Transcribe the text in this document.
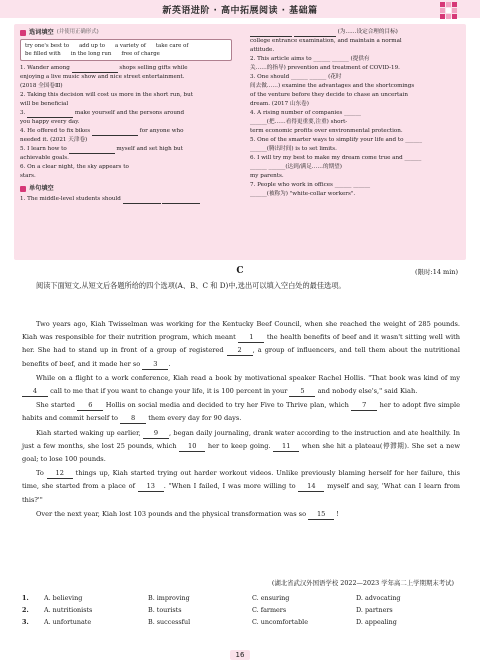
新英语进阶 · 高中拓展阅读 · 基础篇
选词填空 (并使用正确形式)
try one's best to add up to a variety of take care of
be filled with in the long run free of charge
1. Wander among	shops selling gifts while
enjoying a live music show and nice street entertainment.
(2018 全国卷Ⅲ)
2. Taking this decision will cost us more in the short run, but
will be beneficial
3.	make yourself and the persons around
you happy every day.
4. He offered to fix bikes	for anyone who
needed it. (2021 天津卷)
5. I learn how to	myself and set high but
achievable goals.
6. On a clear night, the sky appears to
stars.
单句填空
1. The middle-level students should
(为……设定合理的目标)
college entrance examination, and maintain a normal
attitude.
2. This article aims to ______ ______ (提供有
关……的指导) prevention and treatment of COVID-19.
3. One should ______ ______ (花时
间去做……) examine the advantages and the shortcomings
of the venture before they decide to chase an uncertain
dream. (2017 山东卷)
4. A rising number of companies ______
______(把……看得更重要,注重) short-
term economic profits over environmental protection.
5. One of the smarter ways to simplify your life and to ______
______(腾出时间) is to set limits.
6. I will try my best to make my dream come true and ______
______ ______(达到/满足……的期望)
my parents.
7. People who work in offices ______ ______
______(被称为) "white-collar workers".
C	(限时:14 min)
阅读下面短文,从短文后各题所给的四个选项(A、B、C 和 D)中,选出可以填入空白处的最佳选项。

Two years ago, Kiah Twisselman was working for the Kentucky Beef Council, when she reached the weight of 285 pounds. Kiah was responsible for their nutrition program, which meant 1 the health benefits of beef and it wasn't sitting well with her. She had to stand up in front of a group of registered 2 , a group of influencers, and tell them about the nutritional benefits of beef, and it made her so 3 .

While on a flight to a work conference, Kiah read a book by motivational speaker Rachel Hollis. "That book was kind of my 4 call to me that if you want to change your life, it is 100 percent in your 5 and nobody else's," said Kiah.

She started 6 Hollis on social media and decided to try her Five to Thrive plan, which 7 her to adopt five simple habits and commit herself to 8 them every day for 90 days.

Kiah started waking up earlier, 9 , began daily journaling, drank water according to the instruction and ate healthily. In just a few months, she lost 25 pounds, which 10 her to keep going. 11 when she hit a plateau(停滞期). She set a new goal; to lose 100 pounds.

To 12 things up, Kiah started trying out harder workout videos. Unlike previously blaming herself for her failure, this time, she started from a place of 13 . "When I failed, I was more willing to 14 myself and say, 'What can I learn from this?'"

Over the next year, Kiah lost 103 pounds and the physical transformation was so 15 !

(湖北省武汉外国语学校 2022—2023 学年高二上学期期末考试)
1.	A. believing	B. improving	C. ensuring	D. advocating
2.	A. nutritionists	B. tourists	C. farmers	D. partners
3.	A. unfortunate	B. successful	C. uncomfortable	D. appealing
16
